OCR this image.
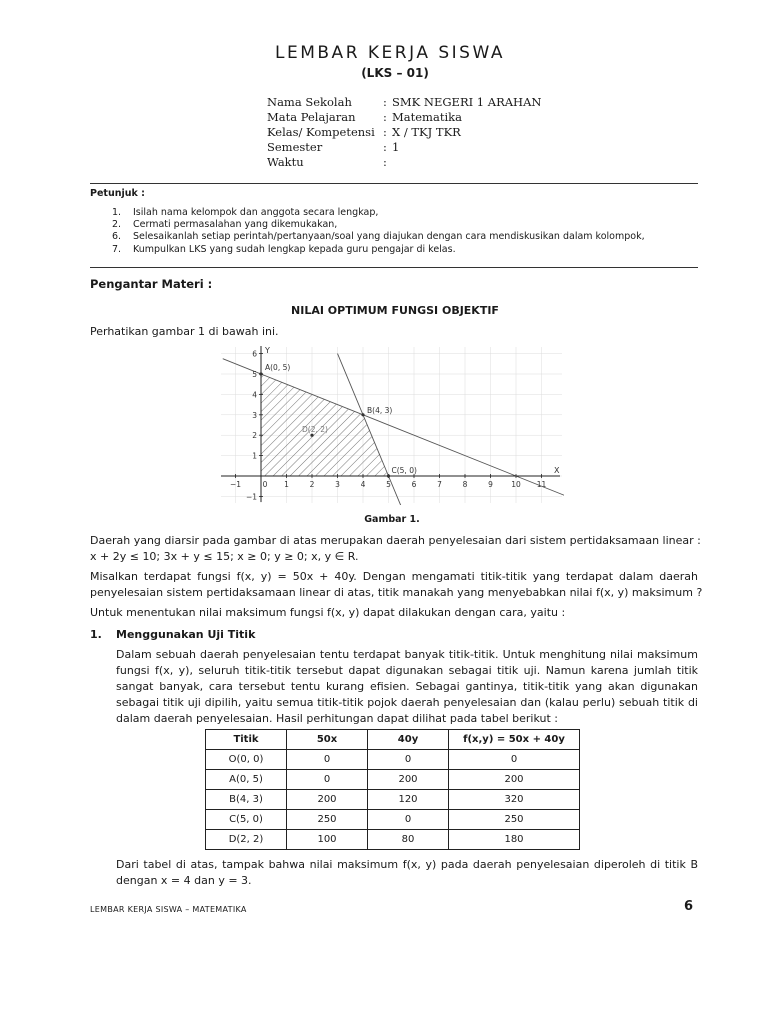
LEMBAR KERJA SISWA
(LKS – 01)
Nama Sekolah	: SMK NEGERI 1 ARAHAN
Mata Pelajaran : Matematika
Kelas/ Kompetensi : X / TKJ TKR
Semester	: 1
Waktu	:
Petunjuk :
1. Isilah nama kelompok dan anggota secara lengkap,
2. Cermati permasalahan yang dikemukakan,
6. Selesaikanlah setiap perintah/pertanyaan/soal yang diajukan dengan cara mendiskusikan dalam kolompok,
7. Kumpulkan LKS yang sudah lengkap kepada guru pengajar di kelas.
Pengantar Materi :
NILAI OPTIMUM FUNGSI OBJEKTIF
Perhatikan gambar 1 di bawah ini.
−1	0 1	2	3	4	5	6	7	8	9 10 11
6
5
4
3
2
1
−1
A(0, 5)
B(4, 3)
C(5, 0)
D(2, 2)
Y
X
Gambar 1.
Daerah yang diarsir pada gambar di atas merupakan daerah penyelesaian dari sistem pertidaksamaan linear :
x + 2y ≤ 10; 3x + y ≤ 15; x ≥ 0; y ≥ 0; x, y ∈ R.
Misalkan terdapat fungsi f(x, y) = 50x + 40y. Dengan mengamati titik-titik yang terdapat dalam daerah
penyelesaian sistem pertidaksamaan linear di atas, titik manakah yang menyebabkan nilai f(x, y) maksimum ?
Untuk menentukan nilai maksimum fungsi f(x, y) dapat dilakukan dengan cara, yaitu :
1. Menggunakan Uji Titik
Dalam sebuah daerah penyelesaian tentu terdapat banyak titik-titik. Untuk menghitung nilai maksimum
fungsi f(x, y), seluruh titik-titik tersebut dapat digunakan sebagai titik uji. Namun karena jumlah titik
sangat banyak, cara tersebut tentu kurang efisien. Sebagai gantinya, titik-titik yang akan digunakan
sebagai titik uji dipilih, yaitu semua titik-titik pojok daerah penyelesaian dan (kalau perlu) sebuah titik di
dalam daerah penyelesaian. Hasil perhitungan dapat dilihat pada tabel berikut :
Titik	50x	40y	f(x,y) = 50x + 40y
O(0, 0)	0	0	0
A(0, 5)	0	200	200
B(4, 3)	200	120	320
C(5, 0)	250	0	250
D(2, 2)	100	80	180
Dari tabel di atas, tampak bahwa nilai maksimum f(x, y) pada daerah penyelesaian diperoleh di titik B
dengan x = 4 dan y = 3.
LEMBAR KERJA SISWA – MATEMATIKA	6
